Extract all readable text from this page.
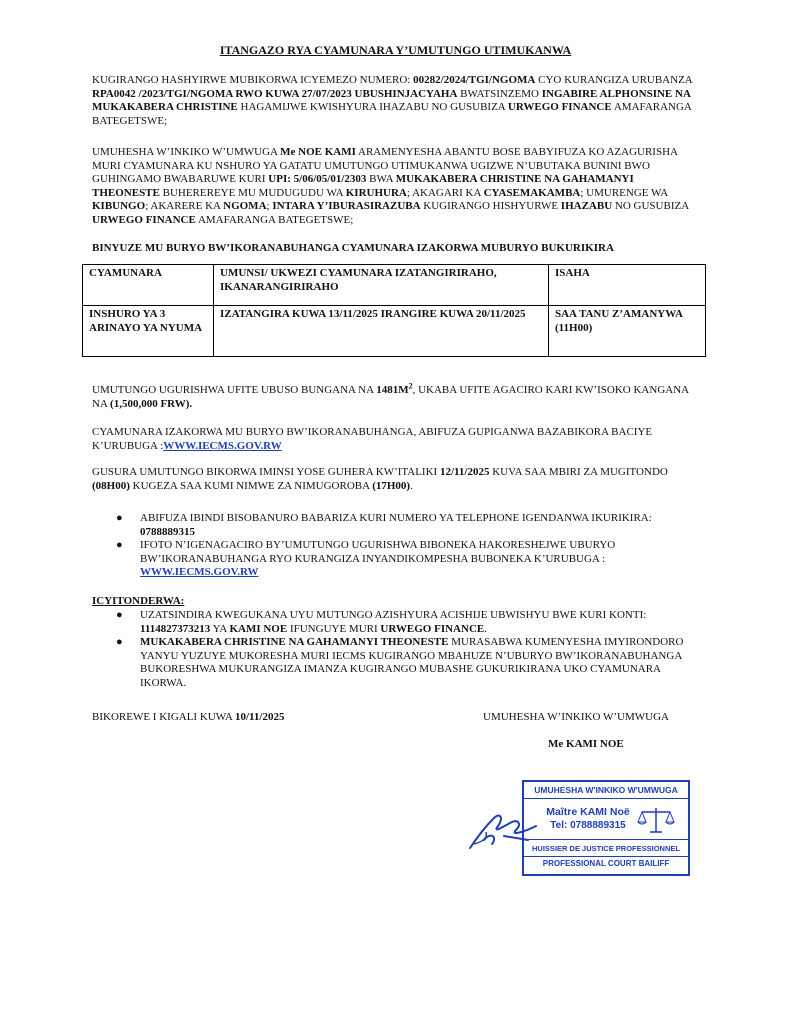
ITANGAZO RYA CYAMUNARA Y’UMUTUNGO UTIMUKANWA
KUGIRANGO HASHYIRWE MUBIKORWA ICYEMEZO NUMERO: 00282/2024/TGI/NGOMA CYO KURANGIZA URUBANZA RPA0042 /2023/TGI/NGOMA RWO KUWA 27/07/2023 UBUSHINJACYAHA BWATSINZEMO INGABIRE ALPHONSINE NA MUKAKABERA CHRISTINE HAGAMIJWE KWISHYURA IHAZABU NO GUSUBIZA URWEGO FINANCE AMAFARANGA BATEGETSWE;
UMUHESHA W’INKIKO W’UMWUGA Me NOE KAMI ARAMENYESHA ABANTU BOSE BABYIFUZA KO AZAGURISHA MURI CYAMUNARA KU NSHURO YA GATATU UMUTUNGO UTIMUKANWA UGIZWE N’UBUTAKA BUNINI BWO GUHINGAMO BWABARUWE KURI UPI: 5/06/05/01/2303 BWA MUKAKABERA CHRISTINE NA GAHAMANYI THEONESTE BUHEREREYE MU MUDUGUDU WA KIRUHURA; AKAGARI KA CYASEMAKAMBA; UMURENGE WA KIBUNGO; AKARERE KA NGOMA; INTARA Y’IBURASIRAZUBA KUGIRANGO HISHYURWE IHAZABU NO GUSUBIZA URWEGO FINANCE AMAFARANGA BATEGETSWE;
BINYUZE MU BURYO BW’IKORANABUHANGA CYAMUNARA IZAKORWA MUBURYO BUKURIKIRA
CYAMUNARA	UMUNSI/ UKWEZI CYAMUNARA IZATANGIRIRAHO, IKANARANGIRIRAHO	ISAHA
INSHURO YA 3 ARINAYO YA NYUMA	IZATANGIRA KUWA 13/11/2025 IRANGIRE KUWA 20/11/2025	SAA TANU Z’AMANYWA (11H00)
UMUTUNGO UGURISHWA UFITE UBUSO BUNGANA NA $1481M^2$, UKABA UFITE AGACIRO KARI KW’ISOKO KANGANA NA (1,500,000 FRW).
CYAMUNARA IZAKORWA MU BURYO BW’IKORANABUHANGA, ABIFUZA GUPIGANWA BAZABIKORA BACIYE K’URUBUGA :WWW.IECMS.GOV.RW
GUSURA UMUTUNGO BIKORWA IMINSI YOSE GUHERA KW’ITALIKI 12/11/2025 KUVA SAA MBIRI ZA MUGITONDO (08H00) KUGEZA SAA KUMI NIMWE ZA NIMUGOROBA (17H00).
● ABIFUZA IBINDI BISOBANURO BABARIZA KURI NUMERO YA TELEPHONE IGENDANWA IKURIKIRA: 0788889315
● IFOTO N’IGENAGACIRO BY’UMUTUNGO UGURISHWA BIBONEKA HAKORESHEJWE UBURYO BW’IKORANABUHANGA RYO KURANGIZA INYANDIKOMPESHA BUBONEKA K’URUBUGA : WWW.IECMS.GOV.RW
ICYITONDERWA:
● UZATSINDIRA KWEGUKANA UYU MUTUNGO AZISHYURA ACISHIJE UBWISHYU BWE KURI KONTI: 1114827373213 YA KAMI NOE IFUNGUYE MURI URWEGO FINANCE.
● MUKAKABERA CHRISTINE NA GAHAMANYI THEONESTE MURASABWA KUMENYESHA IMYIRONDORO YANYU YUZUYE MUKORESHA MURI IECMS KUGIRANGO MBAHUZE N’UBURYO BW’IKORANABUHANGA BUKORESHWA MUKURANGIZA IMANZA KUGIRANGO MUBASHE GUKURIKIRANA UKO CYAMUNARA IKORWA.
BIKOREWE I KIGALI KUWA 10/11/2025	UMUHESHA W’INKIKO W’UMWUGA
Me KAMI NOE
UMUHESHA W'INKIKO W'UMWUGA
Maître KAMI Noë
Tel: 0788889315
HUISSIER DE JUSTICE PROFESSIONNEL
PROFESSIONAL COURT BAILIFF
